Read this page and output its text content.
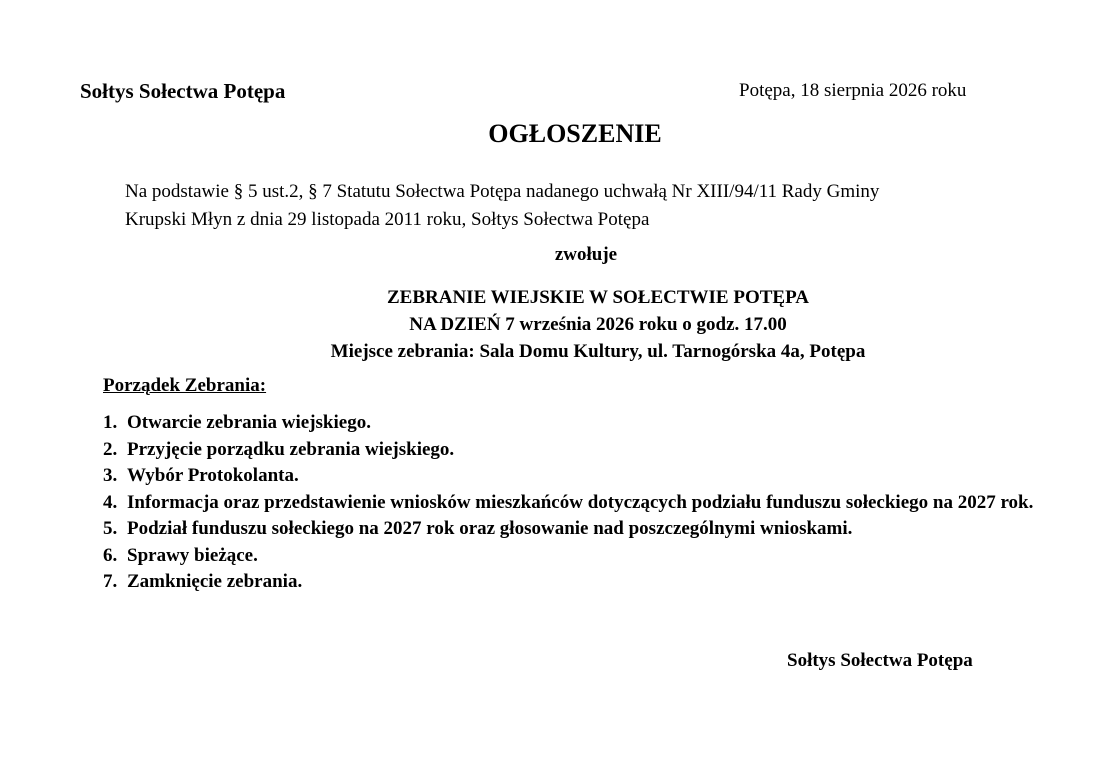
Sołtys Sołectwa Potępa	Potępa, 18 sierpnia 2026 roku
OGŁOSZENIE
Na podstawie § 5 ust.2, § 7 Statutu Sołectwa Potępa nadanego uchwałą Nr XIII/94/11 Rady Gminy
Krupski Młyn z dnia 29 listopada 2011 roku, Sołtys Sołectwa Potępa
zwołuje
ZEBRANIE WIEJSKIE W SOŁECTWIE POTĘPA
NA DZIEŃ 7 września 2026 roku o godz. 17.00
Miejsce zebrania: Sala Domu Kultury, ul. Tarnogórska 4a, Potępa
Porządek Zebrania:
1. Otwarcie zebrania wiejskiego.
2. Przyjęcie porządku zebrania wiejskiego.
3. Wybór Protokolanta.
4. Informacja oraz przedstawienie wniosków mieszkańców dotyczących podziału funduszu sołeckiego na 2027 rok.
5. Podział funduszu sołeckiego na 2027 rok oraz głosowanie nad poszczególnymi wnioskami.
6. Sprawy bieżące.
7. Zamknięcie zebrania.
Sołtys Sołectwa Potępa
